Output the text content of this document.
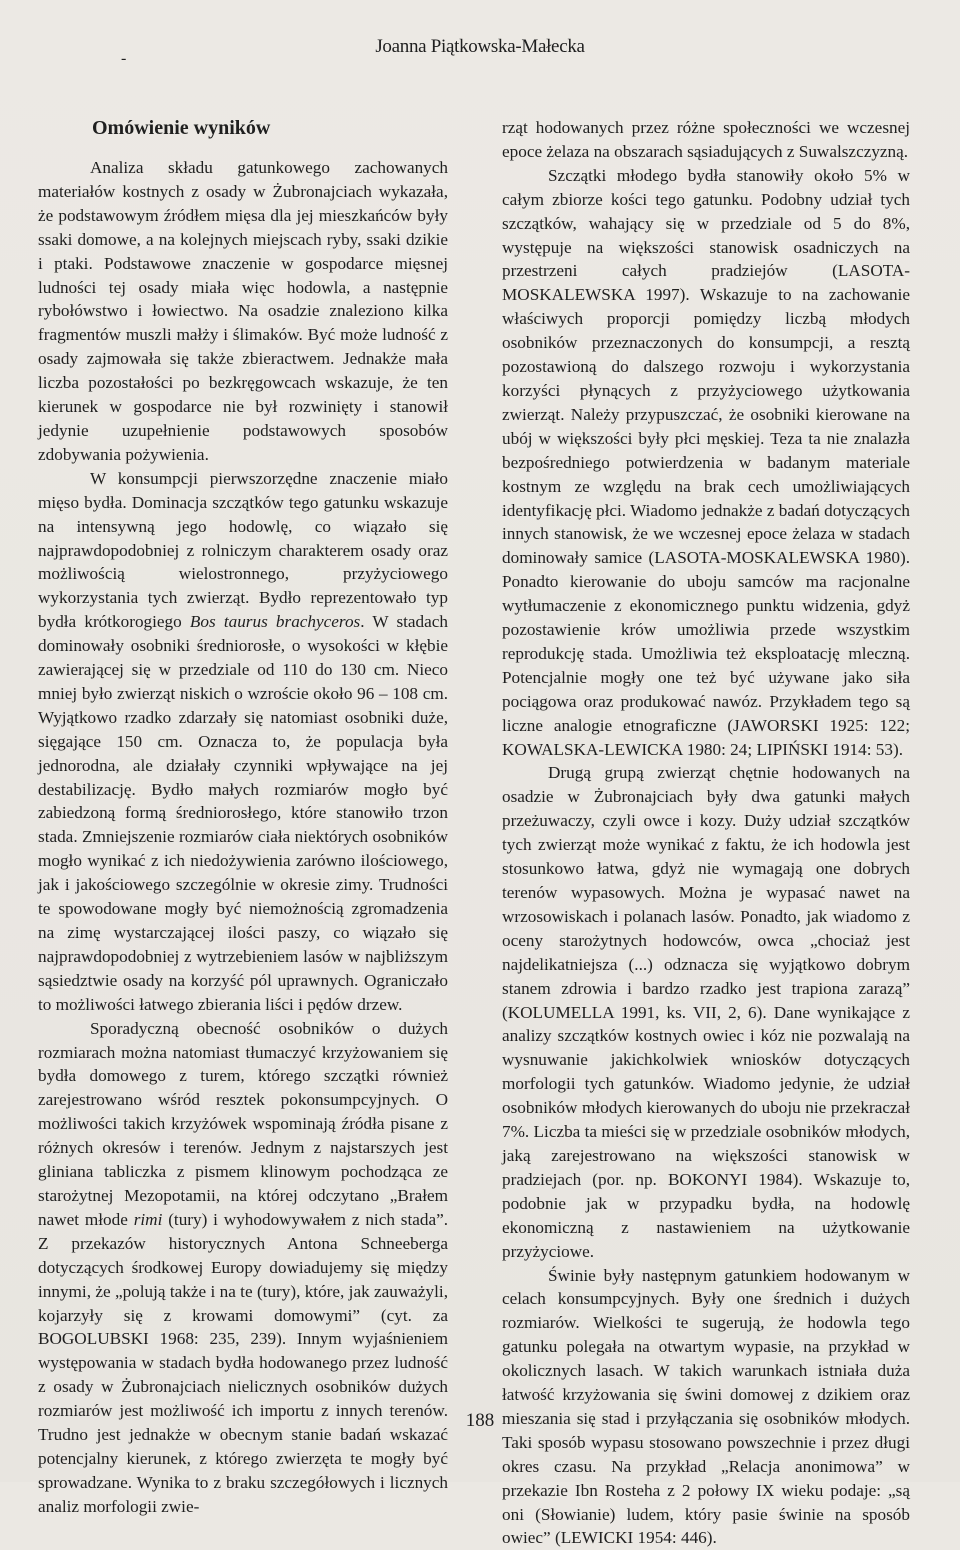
-
Joanna Piątkowska-Małecka
Omówienie wyników

Analiza składu gatunkowego zachowanych materiałów kostnych z osady w Żubronajciach wykazała, że podstawowym źródłem mięsa dla jej mieszkańców były ssaki domowe, a na kolejnych miejscach ryby, ssaki dzikie i ptaki. Podstawowe znaczenie w gospodarce mięsnej ludności tej osady miała więc hodowla, a następnie rybołówstwo i łowiectwo. Na osadzie znaleziono kilka fragmentów muszli małży i ślimaków. Być może ludność z osady zajmowała się także zbieractwem. Jednakże mała liczba pozostałości po bezkręgowcach wskazuje, że ten kierunek w gospodarce nie był rozwinięty i stanowił jedynie uzupełnienie podstawowych sposobów zdobywania pożywienia.

W konsumpcji pierwszorzędne znaczenie miało mięso bydła. Dominacja szczątków tego gatunku wskazuje na intensywną jego hodowlę, co wiązało się najprawdopodobniej z rolniczym charakterem osady oraz możliwością wielostronnego, przyżyciowego wykorzystania tych zwierząt. Bydło reprezentowało typ bydła krótkorogiego Bos taurus brachyceros. W stadach dominowały osobniki średniorosłe, o wysokości w kłębie zawierającej się w przedziale od 110 do 130 cm. Nieco mniej było zwierząt niskich o wzroście około 96 – 108 cm. Wyjątkowo rzadko zdarzały się natomiast osobniki duże, sięgające 150 cm. Oznacza to, że populacja była jednorodna, ale działały czynniki wpływające na jej destabilizację. Bydło małych rozmiarów mogło być zabiedzoną formą średniorosłego, które stanowiło trzon stada. Zmniejszenie rozmiarów ciała niektórych osobników mogło wynikać z ich niedożywienia zarówno ilościowego, jak i jakościowego szczególnie w okresie zimy. Trudności te spowodowane mogły być niemożnością zgromadzenia na zimę wystarczającej ilości paszy, co wiązało się najprawdopodobniej z wytrzebieniem lasów w najbliższym sąsiedztwie osady na korzyść pól uprawnych. Ograniczało to możliwości łatwego zbierania liści i pędów drzew.

Sporadyczną obecność osobników o dużych rozmiarach można natomiast tłumaczyć krzyżowaniem się bydła domowego z turem, którego szczątki również zarejestrowano wśród resztek pokonsumpcyjnych. O możliwości takich krzyżówek wspominają źródła pisane z różnych okresów i terenów. Jednym z najstarszych jest gliniana tabliczka z pismem klinowym pochodząca ze starożytnej Mezopotamii, na której odczytano „Brałem nawet młode rimi (tury) i wyhodowywałem z nich stada”. Z przekazów historycznych Antona Schneeberga dotyczących środkowej Europy dowiadujemy się między innymi, że „polują także i na te (tury), które, jak zauważyli, kojarzyły się z krowami domowymi” (cyt. za BOGOLUBSKI 1968: 235, 239). Innym wyjaśnieniem występowania w stadach bydła hodowanego przez ludność z osady w Żubronajciach nielicznych osobników dużych rozmiarów jest możliwość ich importu z innych terenów. Trudno jest jednakże w obecnym stanie badań wskazać potencjalny kierunek, z którego zwierzęta te mogły być sprowadzane. Wynika to z braku szczegółowych i licznych analiz morfologii zwie-

rząt hodowanych przez różne społeczności we wczesnej epoce żelaza na obszarach sąsiadujących z Suwalszczyzną.

Szczątki młodego bydła stanowiły około 5% w całym zbiorze kości tego gatunku. Podobny udział tych szczątków, wahający się w przedziale od 5 do 8%, występuje na większości stanowisk osadniczych na przestrzeni całych pradziejów (LASOTA-MOSKALEWSKA 1997). Wskazuje to na zachowanie właściwych proporcji pomiędzy liczbą młodych osobników przeznaczonych do konsumpcji, a resztą pozostawioną do dalszego rozwoju i wykorzystania korzyści płynących z przyżyciowego użytkowania zwierząt. Należy przypuszczać, że osobniki kierowane na ubój w większości były płci męskiej. Teza ta nie znalazła bezpośredniego potwierdzenia w badanym materiale kostnym ze względu na brak cech umożliwiających identyfikację płci. Wiadomo jednakże z badań dotyczących innych stanowisk, że we wczesnej epoce żelaza w stadach dominowały samice (LASOTA-MOSKALEWSKA 1980). Ponadto kierowanie do uboju samców ma racjonalne wytłumaczenie z ekonomicznego punktu widzenia, gdyż pozostawienie krów umożliwia przede wszystkim reprodukcję stada. Umożliwia też eksploatację mleczną. Potencjalnie mogły one też być używane jako siła pociągowa oraz produkować nawóz. Przykładem tego są liczne analogie etnograficzne (JAWORSKI 1925: 122; KOWALSKA-LEWICKA 1980: 24; LIPIŃSKI 1914: 53).

Drugą grupą zwierząt chętnie hodowanych na osadzie w Żubronajciach były dwa gatunki małych przeżuwaczy, czyli owce i kozy. Duży udział szczątków tych zwierząt może wynikać z faktu, że ich hodowla jest stosunkowo łatwa, gdyż nie wymagają one dobrych terenów wypasowych. Można je wypasać nawet na wrzosowiskach i polanach lasów. Ponadto, jak wiadomo z oceny starożytnych hodowców, owca „chociaż jest najdelikatniejsza (...) odznacza się wyjątkowo dobrym stanem zdrowia i bardzo rzadko jest trapiona zarazą” (KOLUMELLA 1991, ks. VII, 2, 6). Dane wynikające z analizy szczątków kostnych owiec i kóz nie pozwalają na wysnuwanie jakichkolwiek wniosków dotyczących morfologii tych gatunków. Wiadomo jedynie, że udział osobników młodych kierowanych do uboju nie przekraczał 7%. Liczba ta mieści się w przedziale osobników młodych, jaką zarejestrowano na większości stanowisk w pradziejach (por. np. BOKONYI 1984). Wskazuje to, podobnie jak w przypadku bydła, na hodowlę ekonomiczną z nastawieniem na użytkowanie przyżyciowe.

Świnie były następnym gatunkiem hodowanym w celach konsumpcyjnych. Były one średnich i dużych rozmiarów. Wielkości te sugerują, że hodowla tego gatunku polegała na otwartym wypasie, na przykład w okolicznych lasach. W takich warunkach istniała duża łatwość krzyżowania się świni domowej z dzikiem oraz mieszania się stad i przyłączania się osobników młodych. Taki sposób wypasu stosowano powszechnie i przez długi okres czasu. Na przykład „Relacja anonimowa” w przekazie Ibn Rosteha z 2 połowy IX wieku podaje: „są oni (Słowianie) ludem, który pasie świnie na sposób owiec” (LEWICKI 1954: 446).

188
